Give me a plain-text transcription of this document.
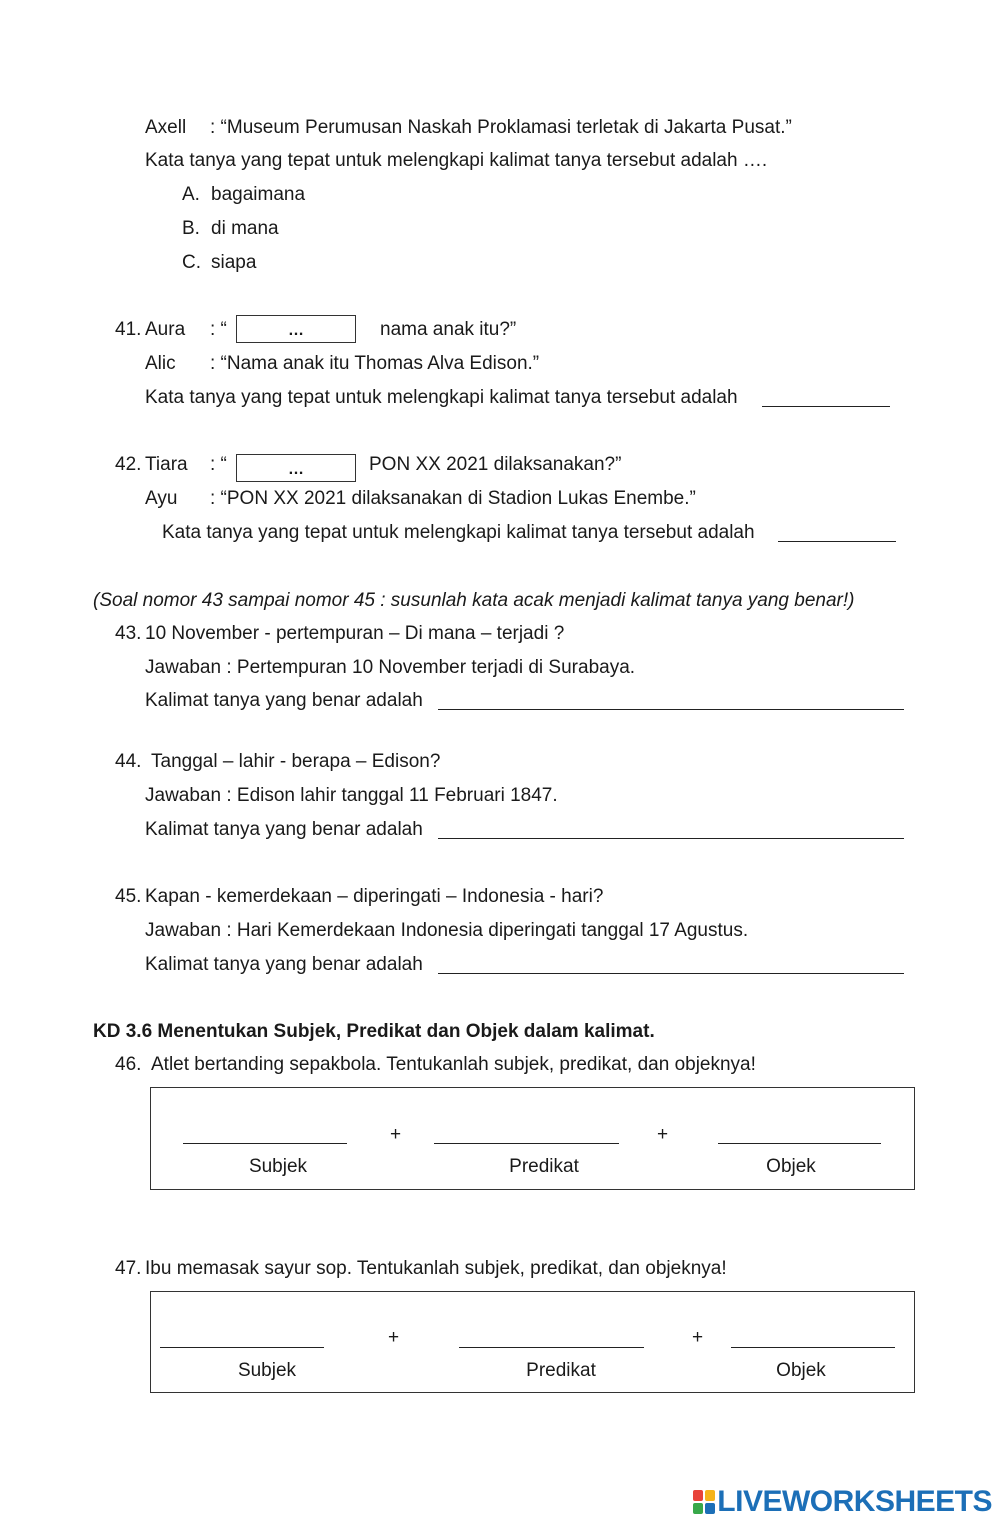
Axell : “Museum Perumusan Naskah Proklamasi terletak di Jakarta Pusat.”
Kata tanya yang tepat untuk melengkapi kalimat tanya tersebut adalah ….
A. bagaimana
B. di mana
C. siapa
41. Aura : “	…	nama anak itu?”
Alic : “Nama anak itu Thomas Alva Edison.”
Kata tanya yang tepat untuk melengkapi kalimat tanya tersebut adalah
42. Tiara : “	…	PON XX 2021 dilaksanakan?”
Ayu : “PON XX 2021 dilaksanakan di Stadion Lukas Enembe.”
Kata tanya yang tepat untuk melengkapi kalimat tanya tersebut adalah
(Soal nomor 43 sampai nomor 45 : susunlah kata acak menjadi kalimat tanya yang benar!)
43. 10 November - pertempuran – Di mana – terjadi ?
Jawaban : Pertempuran 10 November terjadi di Surabaya.
Kalimat tanya yang benar adalah
44. Tanggal – lahir - berapa – Edison?
Jawaban : Edison lahir tanggal 11 Februari 1847.
Kalimat tanya yang benar adalah
45. Kapan - kemerdekaan – diperingati – Indonesia - hari?
Jawaban : Hari Kemerdekaan Indonesia diperingati tanggal 17 Agustus.
Kalimat tanya yang benar adalah
KD 3.6 Menentukan Subjek, Predikat dan Objek dalam kalimat.
46. Atlet bertanding sepakbola. Tentukanlah subjek, predikat, dan objeknya!
+	+
Subjek	Predikat	Objek
47. Ibu memasak sayur sop. Tentukanlah subjek, predikat, dan objeknya!
+	+
Subjek	Predikat	Objek
LIVEWORKSHEETS
